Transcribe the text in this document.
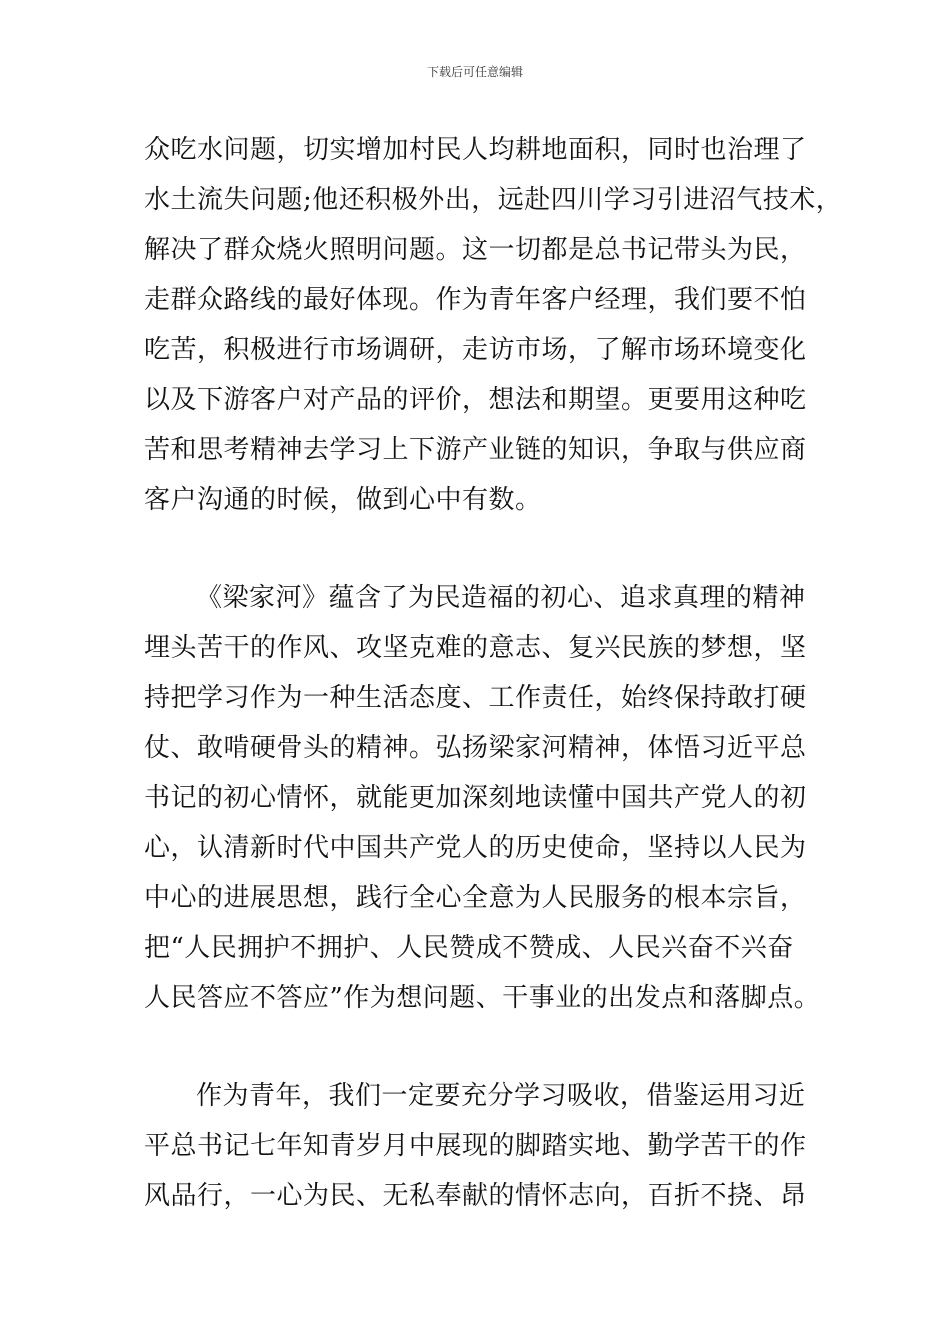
下载后可任意编辑
众吃水问题，切实增加村民人均耕地面积，同时也治理了
水土流失问题;他还积极外出，远赴四川学习引进沼气技术，
解决了群众烧火照明问题。这一切都是总书记带头为民，
走群众路线的最好体现。作为青年客户经理，我们要不怕
吃苦，积极进行市场调研，走访市场，了解市场环境变化
以及下游客户对产品的评价，想法和期望。更要用这种吃
苦和思考精神去学习上下游产业链的知识，争取与供应商
客户沟通的时候，做到心中有数。
《梁家河》蕴含了为民造福的初心、追求真理的精神
埋头苦干的作风、攻坚克难的意志、复兴民族的梦想，坚
持把学习作为一种生活态度、工作责任，始终保持敢打硬
仗、敢啃硬骨头的精神。弘扬梁家河精神，体悟习近平总
书记的初心情怀，就能更加深刻地读懂中国共产党人的初
心，认清新时代中国共产党人的历史使命，坚持以人民为
中心的进展思想，践行全心全意为人民服务的根本宗旨，
把“人民拥护不拥护、人民赞成不赞成、人民兴奋不兴奋
人民答应不答应”作为想问题、干事业的出发点和落脚点。
作为青年，我们一定要充分学习吸收，借鉴运用习近
平总书记七年知青岁月中展现的脚踏实地、勤学苦干的作
风品行，一心为民、无私奉献的情怀志向，百折不挠、昂
